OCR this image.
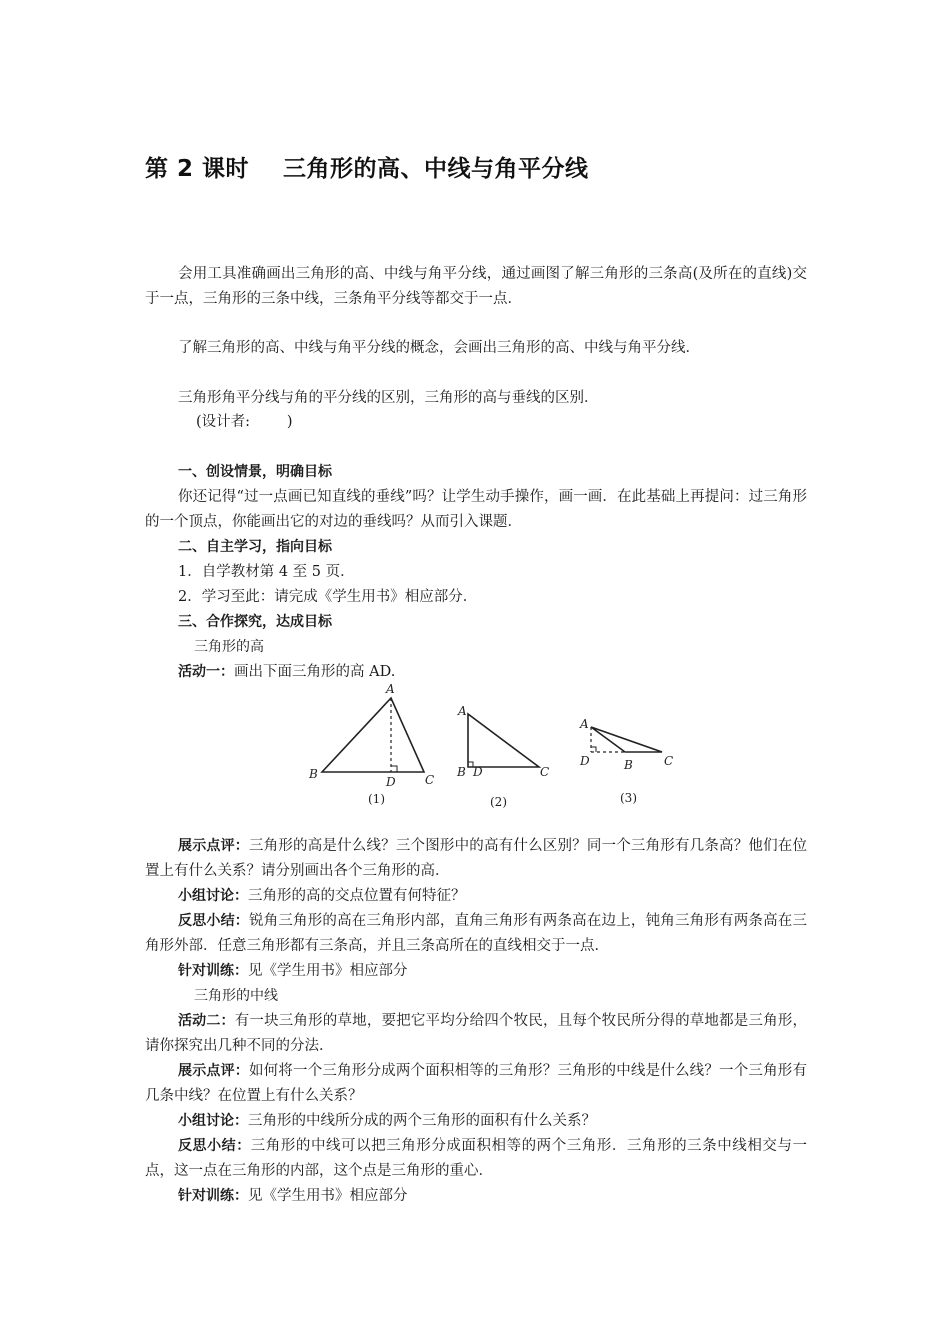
第 2 课时    三角形的高、中线与角平分线
会用工具准确画出三角形的高、中线与角平分线，通过画图了解三角形的三条高(及所在的直线)交于一点，三角形的三条中线，三条角平分线等都交于一点．
了解三角形的高、中线与角平分线的概念，会画出三角形的高、中线与角平分线．
三角形角平分线与角的平分线的区别，三角形的高与垂线的区别．
(设计者:        )
一、创设情景，明确目标
你还记得“过一点画已知直线的垂线”吗？让学生动手操作，画一画．在此基础上再提问：过三角形的一个顶点，你能画出它的对边的垂线吗？从而引入课题．
二、自主学习，指向目标
1．自学教材第 4 至 5 页．
2．学习至此：请完成《学生用书》相应部分．
三、合作探究，达成目标
三角形的高
活动一：画出下面三角形的高 AD.
A
B	C
D
(1)
A
B	C
D
(2)
A
D	B	C
(3)
展示点评：三角形的高是什么线？三个图形中的高有什么区别？同一个三角形有几条高？他们在位置上有什么关系？请分别画出各个三角形的高．
小组讨论：三角形的高的交点位置有何特征？
反思小结：锐角三角形的高在三角形内部，直角三角形有两条高在边上，钝角三角形有两条高在三角形外部．任意三角形都有三条高，并且三条高所在的直线相交于一点．
针对训练：见《学生用书》相应部分
三角形的中线
活动二：有一块三角形的草地，要把它平均分给四个牧民，且每个牧民所分得的草地都是三角形，请你探究出几种不同的分法．
展示点评：如何将一个三角形分成两个面积相等的三角形？三角形的中线是什么线？一个三角形有几条中线？在位置上有什么关系？
小组讨论：三角形的中线所分成的两个三角形的面积有什么关系？
反思小结：三角形的中线可以把三角形分成面积相等的两个三角形．三角形的三条中线相交与一点，这一点在三角形的内部，这个点是三角形的重心．
针对训练：见《学生用书》相应部分
